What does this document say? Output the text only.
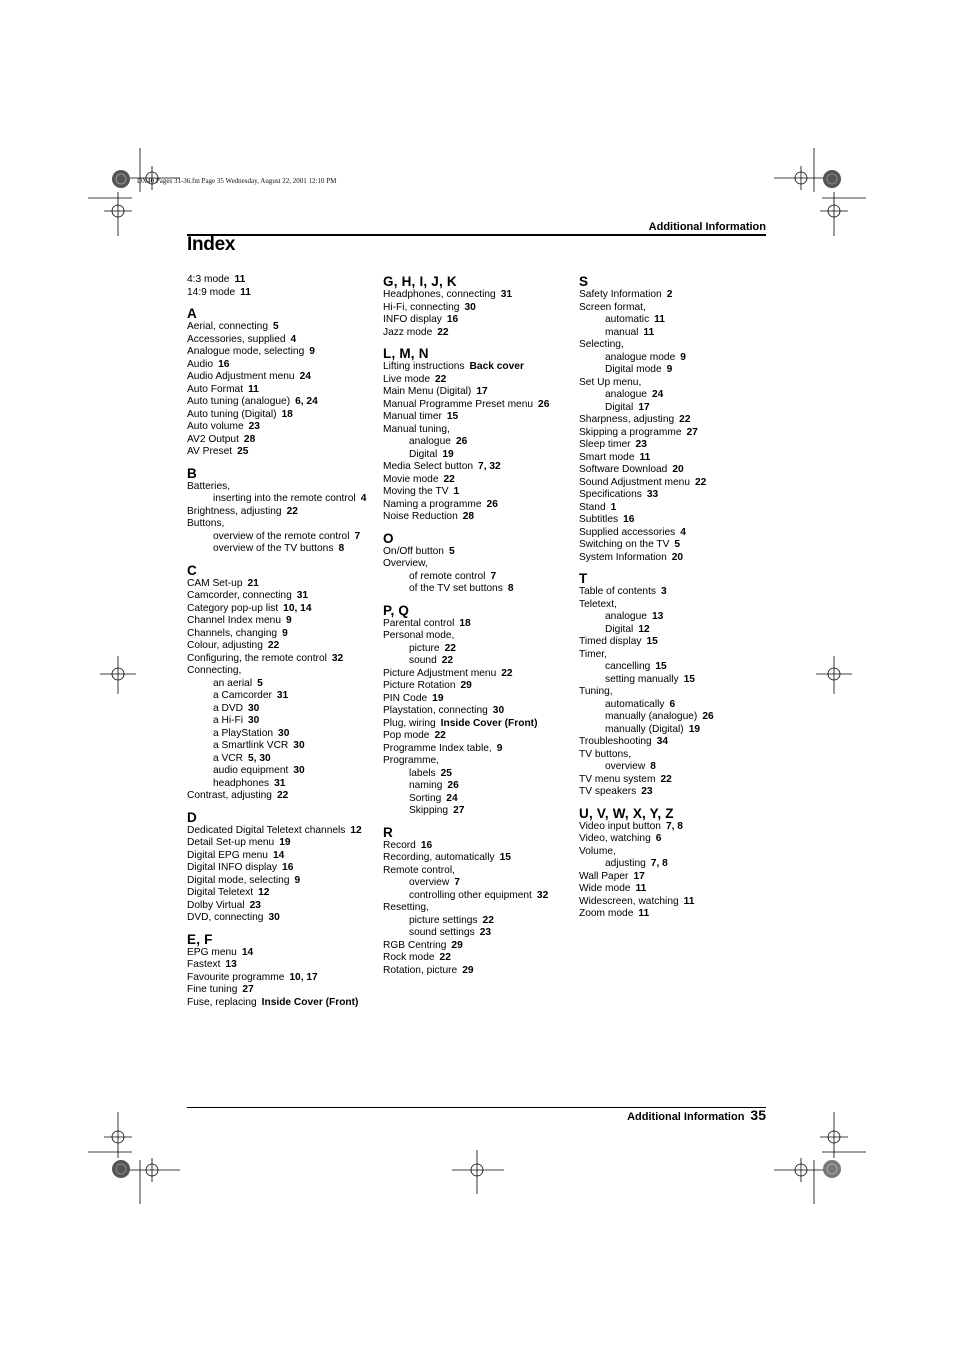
DX40 Pages 31-36.fm Page 35 Wednesday, August 22, 2001 12:10 PM
Additional Information
Index
4:3 mode 11
14:9 mode 11
A
Aerial, connecting 5
Accessories, supplied 4
Analogue mode, selecting 9
Audio 16
Audio Adjustment menu 24
Auto Format 11
Auto tuning (analogue) 6, 24
Auto tuning (Digital) 18
Auto volume 23
AV2 Output 28
AV Preset 25
B
Batteries,
inserting into the remote control 4
Brightness, adjusting 22
Buttons,
overview of the remote control 7
overview of the TV buttons 8
C
CAM Set-up 21
Camcorder, connecting 31
Category pop-up list 10, 14
Channel Index menu 9
Channels, changing 9
Colour, adjusting 22
Configuring, the remote control 32
Connecting,
an aerial 5
a Camcorder 31
a DVD 30
a Hi-Fi 30
a PlayStation 30
a Smartlink VCR 30
a VCR 5, 30
audio equipment 30
headphones 31
Contrast, adjusting 22
D
Dedicated Digital Teletext channels 12
Detail Set-up menu 19
Digital EPG menu 14
Digital INFO display 16
Digital mode, selecting 9
Digital Teletext 12
Dolby Virtual 23
DVD, connecting 30
E, F
EPG menu 14
Fastext 13
Favourite programme 10, 17
Fine tuning 27
Fuse, replacing Inside Cover (Front)
G, H, I, J, K
Headphones, connecting 31
Hi-Fi, connecting 30
INFO display 16
Jazz mode 22
L, M, N
Lifting instructions Back cover
Live mode 22
Main Menu (Digital) 17
Manual Programme Preset menu 26
Manual timer 15
Manual tuning,
analogue 26
Digital 19
Media Select button 7, 32
Movie mode 22
Moving the TV 1
Naming a programme 26
Noise Reduction 28
O
On/Off button 5
Overview,
of remote control 7
of the TV set buttons 8
P, Q
Parental control 18
Personal mode,
picture 22
sound 22
Picture Adjustment menu 22
Picture Rotation 29
PIN Code 19
Playstation, connecting 30
Plug, wiring Inside Cover (Front)
Pop mode 22
Programme Index table, 9
Programme,
labels 25
naming 26
Sorting 24
Skipping 27
R
Record 16
Recording, automatically 15
Remote control,
overview 7
controlling other equipment 32
Resetting,
picture settings 22
sound settings 23
RGB Centring 29
Rock mode 22
Rotation, picture 29
S
Safety Information 2
Screen format,
automatic 11
manual 11
Selecting,
analogue mode 9
Digital mode 9
Set Up menu,
analogue 24
Digital 17
Sharpness, adjusting 22
Skipping a programme 27
Sleep timer 23
Smart mode 11
Software Download 20
Sound Adjustment menu 22
Specifications 33
Stand 1
Subtitles 16
Supplied accessories 4
Switching on the TV 5
System Information 20
T
Table of contents 3
Teletext,
analogue 13
Digital 12
Timed display 15
Timer,
cancelling 15
setting manually 15
Tuning,
automatically 6
manually (analogue) 26
manually (Digital) 19
Troubleshooting 34
TV buttons,
overview 8
TV menu system 22
TV speakers 23
U, V, W, X, Y, Z
Video input button 7, 8
Video, watching 6
Volume,
adjusting 7, 8
Wall Paper 17
Wide mode 11
Widescreen, watching 11
Zoom mode 11
Additional Information 35
